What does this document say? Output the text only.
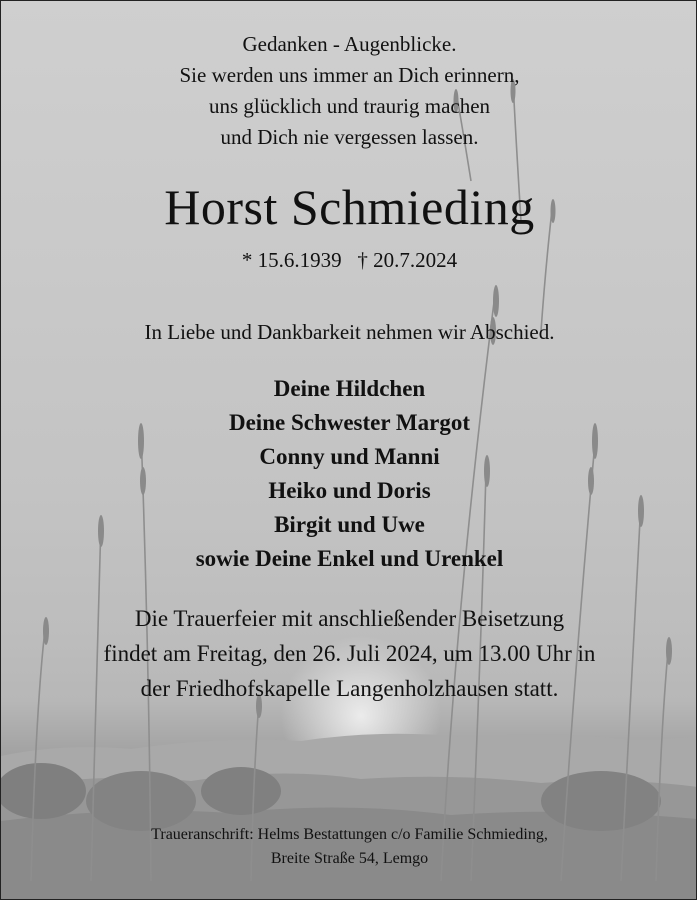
Gedanken - Augenblicke.
Sie werden uns immer an Dich erinnern,
uns glücklich und traurig machen
und Dich nie vergessen lassen.
Horst Schmieding
* 15.6.1939   † 20.7.2024
In Liebe und Dankbarkeit nehmen wir Abschied.
Deine Hildchen
Deine Schwester Margot
Conny und Manni
Heiko und Doris
Birgit und Uwe
sowie Deine Enkel und Urenkel
Die Trauerfeier mit anschließender Beisetzung
findet am Freitag, den 26. Juli 2024, um 13.00 Uhr in
der Friedhofskapelle Langenholzhausen statt.
Traueranschrift: Helms Bestattungen c/o Familie Schmieding,
Breite Straße 54, Lemgo
